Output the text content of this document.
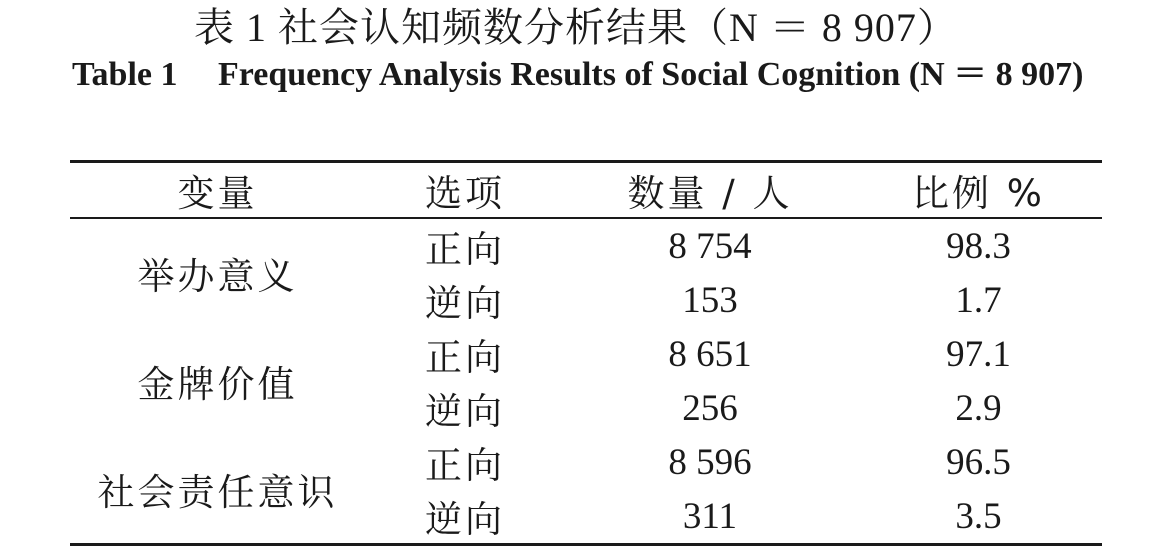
表 1 社会认知频数分析结果（N ＝ 8 907）
Table 1 Frequency Analysis Results of Social Cognition (N ＝ 8 907)
变量	选项	数量 / 人	比例 %
举办意义	正向	8 754	98.3
	逆向	153	1.7
金牌价值	正向	8 651	97.1
	逆向	256	2.9
社会责任意识	正向	8 596	96.5
	逆向	311	3.5
